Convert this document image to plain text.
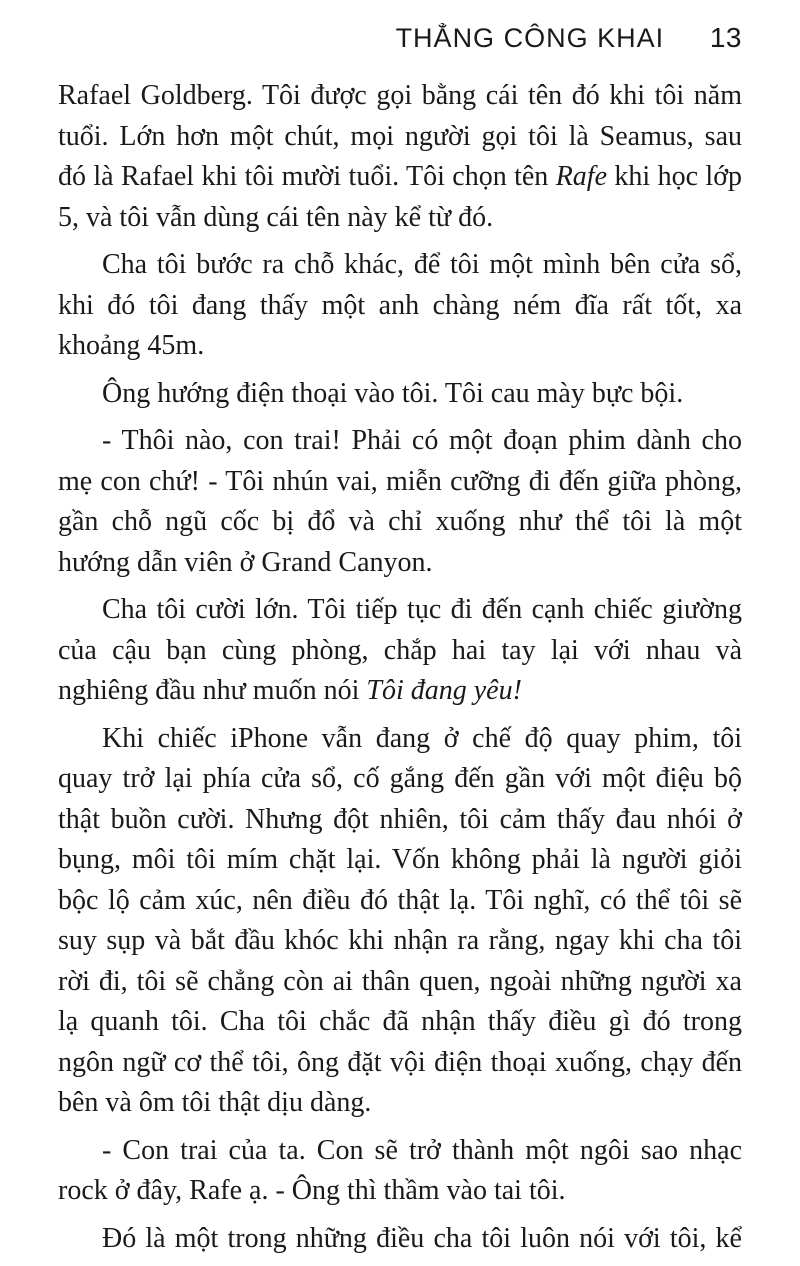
THẲNG CÔNG KHAI 13
Rafael Goldberg. Tôi được gọi bằng cái tên đó khi tôi năm
tuổi. Lớn hơn một chút, mọi người gọi tôi là Seamus, sau
đó là Rafael khi tôi mười tuổi. Tôi chọn tên Rafe khi học lớp
5, và tôi vẫn dùng cái tên này kể từ đó.
Cha tôi bước ra chỗ khác, để tôi một mình bên cửa sổ,
khi đó tôi đang thấy một anh chàng ném đĩa rất tốt, xa
khoảng 45m.
Ông hướng điện thoại vào tôi. Tôi cau mày bực bội.
- Thôi nào, con trai! Phải có một đoạn phim dành cho
mẹ con chứ! - Tôi nhún vai, miễn cưỡng đi đến giữa phòng,
gần chỗ ngũ cốc bị đổ và chỉ xuống như thể tôi là một
hướng dẫn viên ở Grand Canyon.
Cha tôi cười lớn. Tôi tiếp tục đi đến cạnh chiếc giường
của cậu bạn cùng phòng, chắp hai tay lại với nhau và
nghiêng đầu như muốn nói Tôi đang yêu!
Khi chiếc iPhone vẫn đang ở chế độ quay phim, tôi
quay trở lại phía cửa sổ, cố gắng đến gần với một điệu bộ
thật buồn cười. Nhưng đột nhiên, tôi cảm thấy đau nhói ở
bụng, môi tôi mím chặt lại. Vốn không phải là người giỏi
bộc lộ cảm xúc, nên điều đó thật lạ. Tôi nghĩ, có thể tôi sẽ
suy sụp và bắt đầu khóc khi nhận ra rằng, ngay khi cha tôi
rời đi, tôi sẽ chẳng còn ai thân quen, ngoài những người xa
lạ quanh tôi. Cha tôi chắc đã nhận thấy điều gì đó trong
ngôn ngữ cơ thể tôi, ông đặt vội điện thoại xuống, chạy đến
bên và ôm tôi thật dịu dàng.
- Con trai của ta. Con sẽ trở thành một ngôi sao nhạc
rock ở đây, Rafe ạ. - Ông thì thầm vào tai tôi.
Đó là một trong những điều cha tôi luôn nói với tôi, kể
